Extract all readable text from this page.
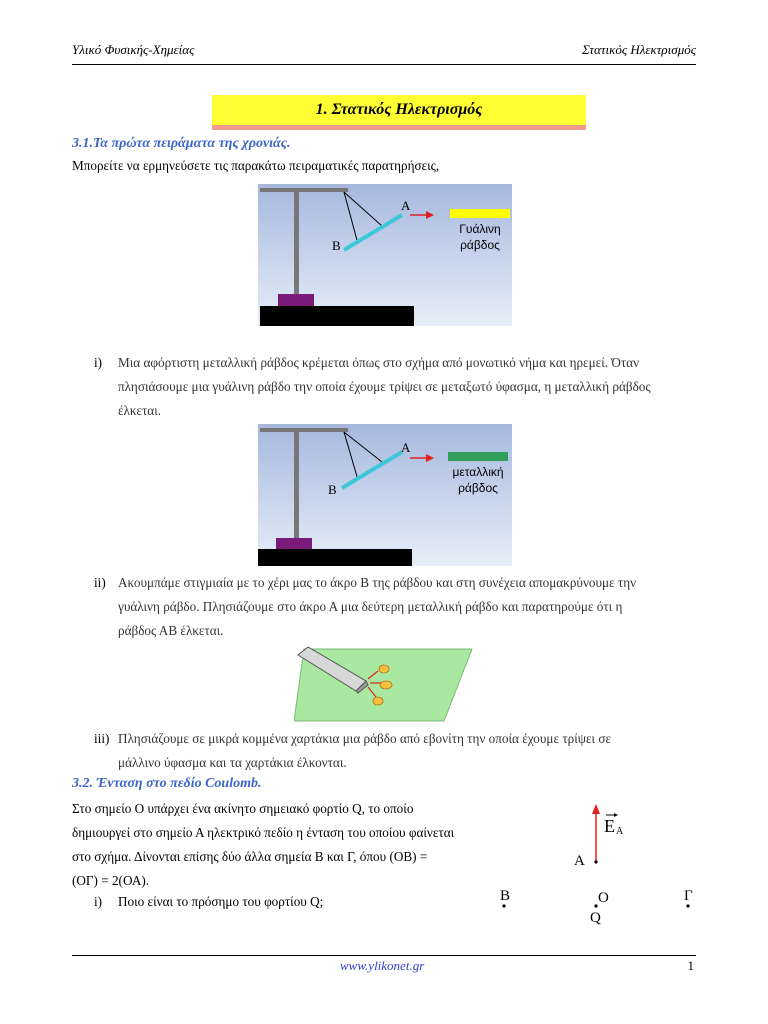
Υλικό Φυσικής-Χημείας	Στατικός Ηλεκτρισμός
1. Στατικός Ηλεκτρισμός
3.1.Τα πρώτα πειράματα της χρονιάς.
Μπορείτε να ερμηνεύσετε τις παρακάτω πειραματικές παρατηρήσεις,
A
B
Γυάλινη
ράβδος
i) Μια αφόρτιστη μεταλλική ράβδος κρέμεται όπως στο σχήμα από μονωτικό νήμα και ηρεμεί. Όταν
πλησιάσουμε μια γυάλινη ράβδο την οποία έχουμε τρίψει σε μεταξωτό ύφασμα, η μεταλλική ράβδος
έλκεται.
A
B
μεταλλική
ράβδος
ii) Ακουμπάμε στιγμιαία με το χέρι μας το άκρο Β της ράβδου και στη συνέχεια απομακρύνουμε την
γυάλινη ράβδο. Πλησιάζουμε στο άκρο Α μια δεύτερη μεταλλική ράβδο και παρατηρούμε ότι η
ράβδος ΑΒ έλκεται.
iii) Πλησιάζουμε σε μικρά κομμένα χαρτάκια μια ράβδο από εβονίτη την οποία έχουμε τρίψει σε
μάλλινο ύφασμα και τα χαρτάκια έλκονται.
3.2. Ένταση στο πεδίο Coulomb.
Στο σημείο Ο υπάρχει ένα ακίνητο σημειακό φορτίο Q, το οποίο
δημιουργεί στο σημείο Α ηλεκτρικό πεδίο η ένταση του οποίου φαίνεται
στο σχήμα. Δίνονται επίσης δύο άλλα σημεία Β και Γ, όπου (ΟΒ) =
(ΟΓ) = 2(ΟΑ).
i) Ποιο είναι το πρόσημο του φορτίου Q;
E Α
A
B	O
Q
Γ
www.ylikonet.gr	1
